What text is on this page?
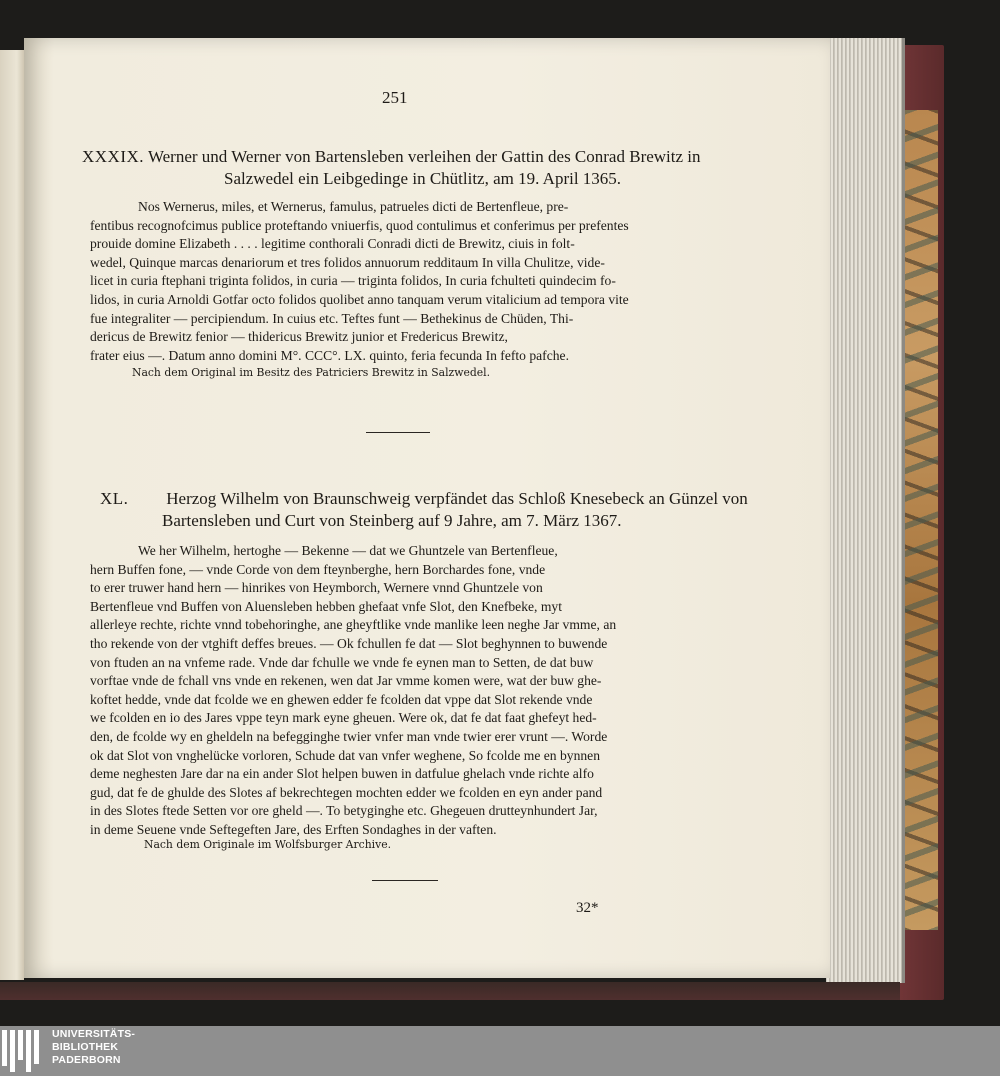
251
XXXIX. Werner und Werner von Bartensleben verleihen der Gattin des Conrad Brewitz in
Salzwedel ein Leibgedinge in Chütlitz, am 19. April 1365.

Nos Wernerus, miles, et Wernerus, famulus, patrueles dicti de Bertenfleue, pre-

fentibus recognofcimus publice proteftando vniuerfis, quod contulimus et conferimus per prefentes

prouide domine Elizabeth . . . . legitime conthorali Conradi dicti de Brewitz, ciuis in folt-

wedel, Quinque marcas denariorum et tres folidos annuorum redditaum In villa Chulitze, vide-

licet in curia ftephani triginta folidos, in curia — triginta folidos, In curia fchulteti quindecim fo-

lidos, in curia Arnoldi Gotfar octo folidos quolibet anno tanquam verum vitalicium ad tempora vite

fue integraliter — percipiendum. In cuius etc. Teftes funt — Bethekinus de Chüden, Thi-

dericus de Brewitz fenior — thidericus Brewitz junior et Fredericus Brewitz,

frater eius —. Datum anno domini M°. CCC°. LX. quinto, feria fecunda In fefto pafche.

Nach dem Original im Besitz des Patriciers Brewitz in Salzwedel.
XL. Herzog Wilhelm von Braunschweig verpfändet das Schloß Knesebeck an Günzel von
Bartensleben und Curt von Steinberg auf 9 Jahre, am 7. März 1367.

We her Wilhelm, hertoghe — Bekenne — dat we Ghuntzele van Bertenfleue,

hern Buffen fone, — vnde Corde von dem fteynberghe, hern Borchardes fone, vnde

to erer truwer hand hern — hinrikes von Heymborch, Wernere vnnd Ghuntzele von

Bertenfleue vnd Buffen von Aluensleben hebben ghefaat vnfe Slot, den Knefbeke, myt

allerleye rechte, richte vnnd tobehoringhe, ane gheyftlike vnde manlike leen neghe Jar vmme, an

tho rekende von der vtghift deffes breues. — Ok fchullen fe dat — Slot beghynnen to buwende

von ftuden an na vnfeme rade. Vnde dar fchulle we vnde fe eynen man to Setten, de dat buw

vorftae vnde de fchall vns vnde en rekenen, wen dat Jar vmme komen were, wat der buw ghe-

koftet hedde, vnde dat fcolde we en ghewen edder fe fcolden dat vppe dat Slot rekende vnde

we fcolden en io des Jares vppe teyn mark eyne gheuen. Were ok, dat fe dat faat ghefeyt hed-

den, de fcolde wy en gheldeln na befegginghe twier vnfer man vnde twier erer vrunt —. Worde

ok dat Slot von vnghelücke vorloren, Schude dat van vnfer weghene, So fcolde me en bynnen

deme neghesten Jare dar na ein ander Slot helpen buwen in datfulue ghelach vnde richte alfo

gud, dat fe de ghulde des Slotes af bekrechtegen mochten edder we fcolden en eyn ander pand

in des Slotes ftede Setten vor ore gheld —. To betyginghe etc. Ghegeuen drutteynhundert Jar,

in deme Seuene vnde Seftegeften Jare, des Erften Sondaghes in der vaften.

Nach dem Originale im Wolfsburger Archive.
32*
UNIVERSITÄTS-
BIBLIOTHEK
PADERBORN
